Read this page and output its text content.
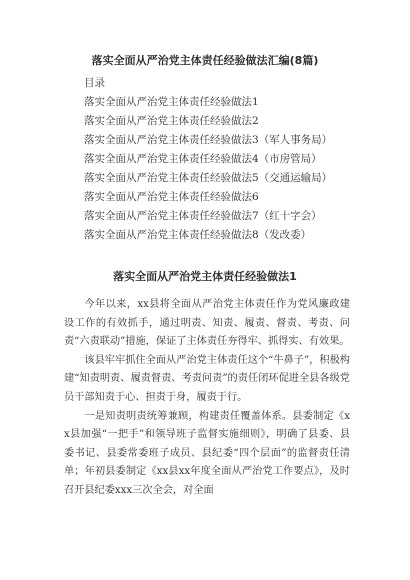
落实全面从严治党主体责任经验做法汇编(8篇)
目录
落实全面从严治党主体责任经验做法1
落实全面从严治党主体责任经验做法2
落实全面从严治党主体责任经验做法3（军人事务局）
落实全面从严治党主体责任经验做法4（市房管局）
落实全面从严治党主体责任经验做法5（交通运输局）
落实全面从严治党主体责任经验做法6
落实全面从严治党主体责任经验做法7（红十字会）
落实全面从严治党主体责任经验做法8（发改委）
落实全面从严治党主体责任经验做法1

今年以来，xx县将全面从严治党主体责任作为党风廉政建设工作的有效抓手，通过明责、知责、履责、督责、考责、问责“六责联动”措施，保证了主体责任夯得牢、抓得实、有效果。

该县牢牢抓住全面从严治党主体责任这个“牛鼻子”，积极构建“知责明责、履责督责、考责问责”的责任闭环促进全县各级党员干部知责于心、担责于身，履责于行。

一是知责明责统筹兼顾，构建责任覆盖体系。县委制定《xx县加强“一把手”和领导班子监督实施细则》，明确了县委、县委书记、县委常委班子成员、县纪委“四个层面”的监督责任清单；年初县委制定《xx县xx年度全面从严治党工作要点》，及时召开县纪委xxx三次全会，对全面
